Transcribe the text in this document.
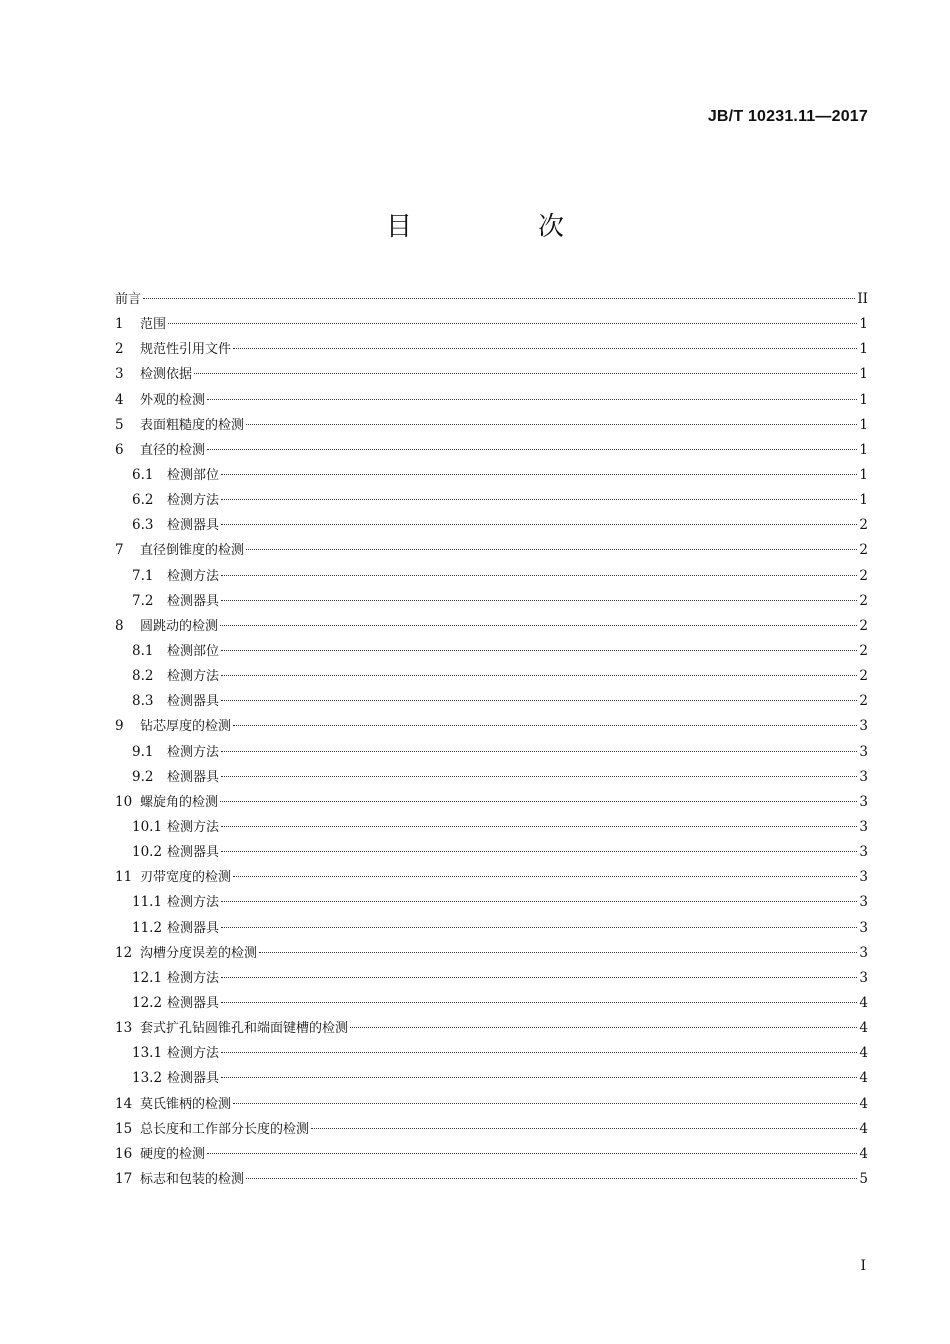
JB/T 10231.11—2017
目　次
前言	II
1	范围	1
2	规范性引用文件	1
3	检测依据	1
4	外观的检测	1
5	表面粗糙度的检测	1
6	直径的检测	1
6.1	检测部位	1
6.2	检测方法	1
6.3	检测器具	2
7	直径倒锥度的检测	2
7.1	检测方法	2
7.2	检测器具	2
8	圆跳动的检测	2
8.1	检测部位	2
8.2	检测方法	2
8.3	检测器具	2
9	钻芯厚度的检测	3
9.1	检测方法	3
9.2	检测器具	3
10 螺旋角的检测	3
10.1 检测方法	3
10.2 检测器具	3
11 刃带宽度的检测	3
11.1 检测方法	3
11.2 检测器具	3
12 沟槽分度误差的检测	3
12.1 检测方法	3
12.2 检测器具	4
13 套式扩孔钻圆锥孔和端面键槽的检测	4
13.1 检测方法	4
13.2 检测器具	4
14 莫氏锥柄的检测	4
15 总长度和工作部分长度的检测	4
16 硬度的检测	4
17 标志和包装的检测	5
I
